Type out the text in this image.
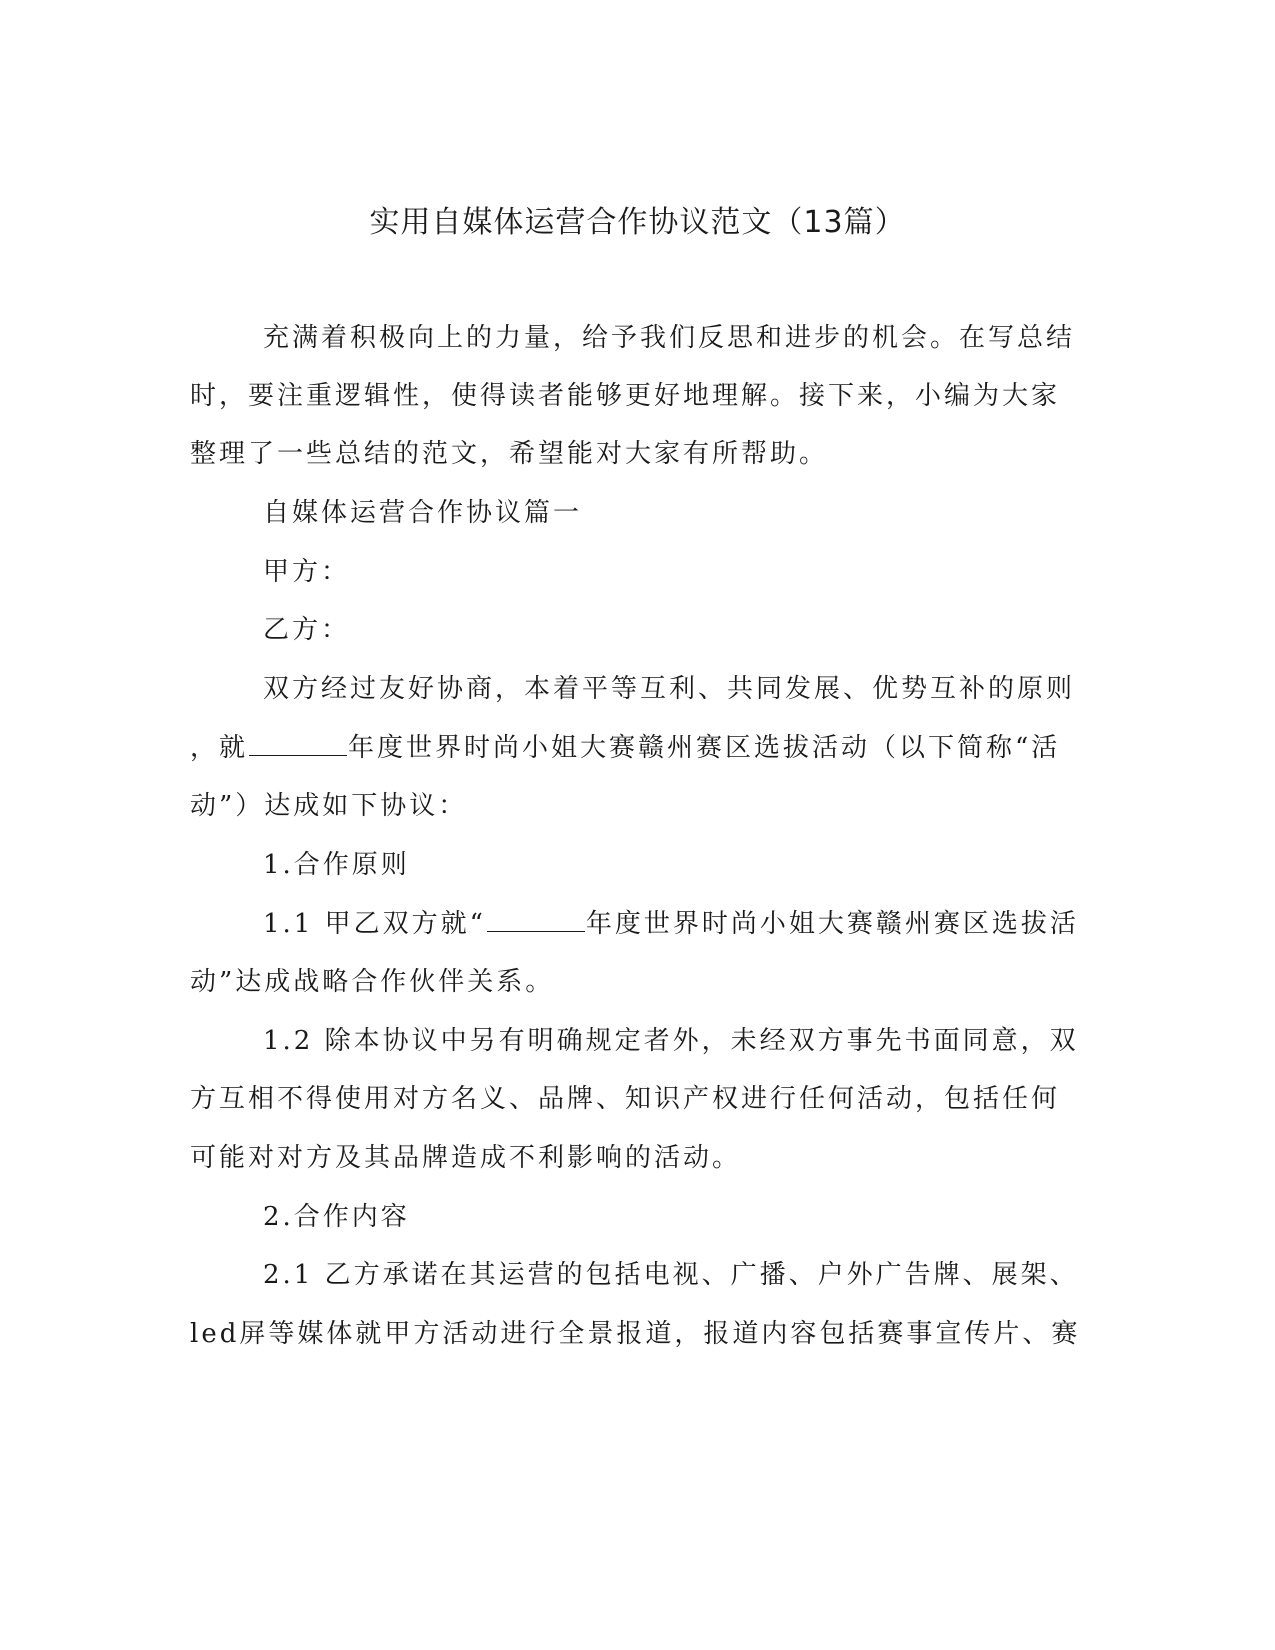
实用自媒体运营合作协议范文（13篇）
充满着积极向上的力量，给予我们反思和进步的机会。在写总结
时，要注重逻辑性，使得读者能够更好地理解。接下来，小编为大家
整理了一些总结的范文，希望能对大家有所帮助。
自媒体运营合作协议篇一
甲方：
乙方：
双方经过友好协商，本着平等互利、共同发展、优势互补的原则
，就	年度世界时尚小姐大赛赣州赛区选拔活动（以下简称“活
动”）达成如下协议：
1.合作原则
1.1 甲乙双方就“	年度世界时尚小姐大赛赣州赛区选拔活
动”达成战略合作伙伴关系。
1.2 除本协议中另有明确规定者外，未经双方事先书面同意，双
方互相不得使用对方名义、品牌、知识产权进行任何活动，包括任何
可能对对方及其品牌造成不利影响的活动。
2.合作内容
2.1 乙方承诺在其运营的包括电视、广播、户外广告牌、展架、
led屏等媒体就甲方活动进行全景报道，报道内容包括赛事宣传片、赛
